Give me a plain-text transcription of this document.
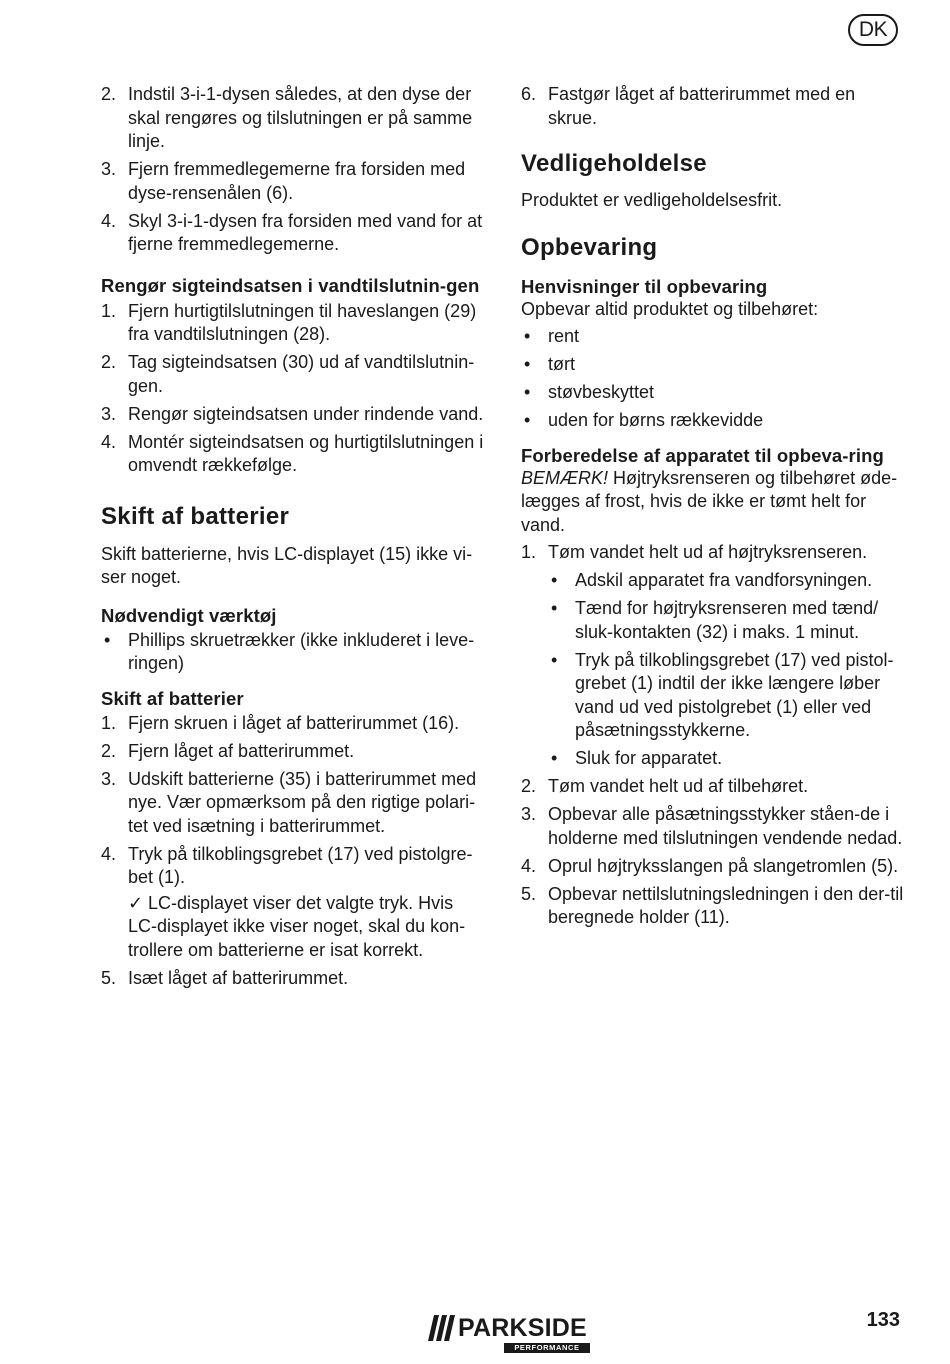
DK
2. Indstil 3-i-1-dysen således, at den dyse der skal rengøres og tilslutningen er på samme linje.
3. Fjern fremmedlegemerne fra forsiden med dyse-rensenålen (6).
4. Skyl 3-i-1-dysen fra forsiden med vand for at fjerne fremmedlegemerne.
Rengør sigteindsatsen i vandtilslutnin-gen
1. Fjern hurtigtilslutningen til haveslangen (29) fra vandtilslutningen (28).
2. Tag sigteindsatsen (30) ud af vandtilslutnin-gen.
3. Rengør sigteindsatsen under rindende vand.
4. Montér sigteindsatsen og hurtigtilslutningen i omvendt rækkefølge.
Skift af batterier

Skift batterierne, hvis LC-displayet (15) ikke vi-ser noget.

Nødvendigt værktøj
• Phillips skruetrækker (ikke inkluderet i leve-ringen)
Skift af batterier
1. Fjern skruen i låget af batterirummet (16).
2. Fjern låget af batterirummet.
3. Udskift batterierne (35) i batterirummet med nye. Vær opmærksom på den rigtige polari-tet ved isætning i batterirummet.
4. Tryk på tilkoblingsgrebet (17) ved pistolgre-bet (1).
✓ LC-displayet viser det valgte tryk. Hvis LC-displayet ikke viser noget, skal du kon-trollere om batterierne er isat korrekt.
5. Isæt låget af batterirummet.
6. Fastgør låget af batterirummet med en skrue.
Vedligeholdelse

Produktet er vedligeholdelsesfrit.

Opbevaring
Henvisninger til opbevaring

Opbevar altid produktet og tilbehøret:

• rent
• tørt
• støvbeskyttet
• uden for børns rækkevidde
Forberedelse af apparatet til opbeva-ring

BEMÆRK! Højtryksrenseren og tilbehøret øde-lægges af frost, hvis de ikke er tømt helt for vand.

1. Tøm vandet helt ud af højtryksrenseren.
• Adskil apparatet fra vandforsyningen.
• Tænd for højtryksrenseren med tænd/ sluk-kontakten (32) i maks. 1 minut.
• Tryk på tilkoblingsgrebet (17) ved pistol-grebet (1) indtil der ikke længere løber vand ud ved pistolgrebet (1) eller ved påsætningsstykkerne.
• Sluk for apparatet.
2. Tøm vandet helt ud af tilbehøret.
3. Opbevar alle påsætningsstykker ståen-de i holderne med tilslutningen vendende nedad.
4. Oprul højtryksslangen på slangetromlen (5).
5. Opbevar nettilslutningsledningen i den der-til beregnede holder (11).
PARKSIDE
PERFORMANCE
133
